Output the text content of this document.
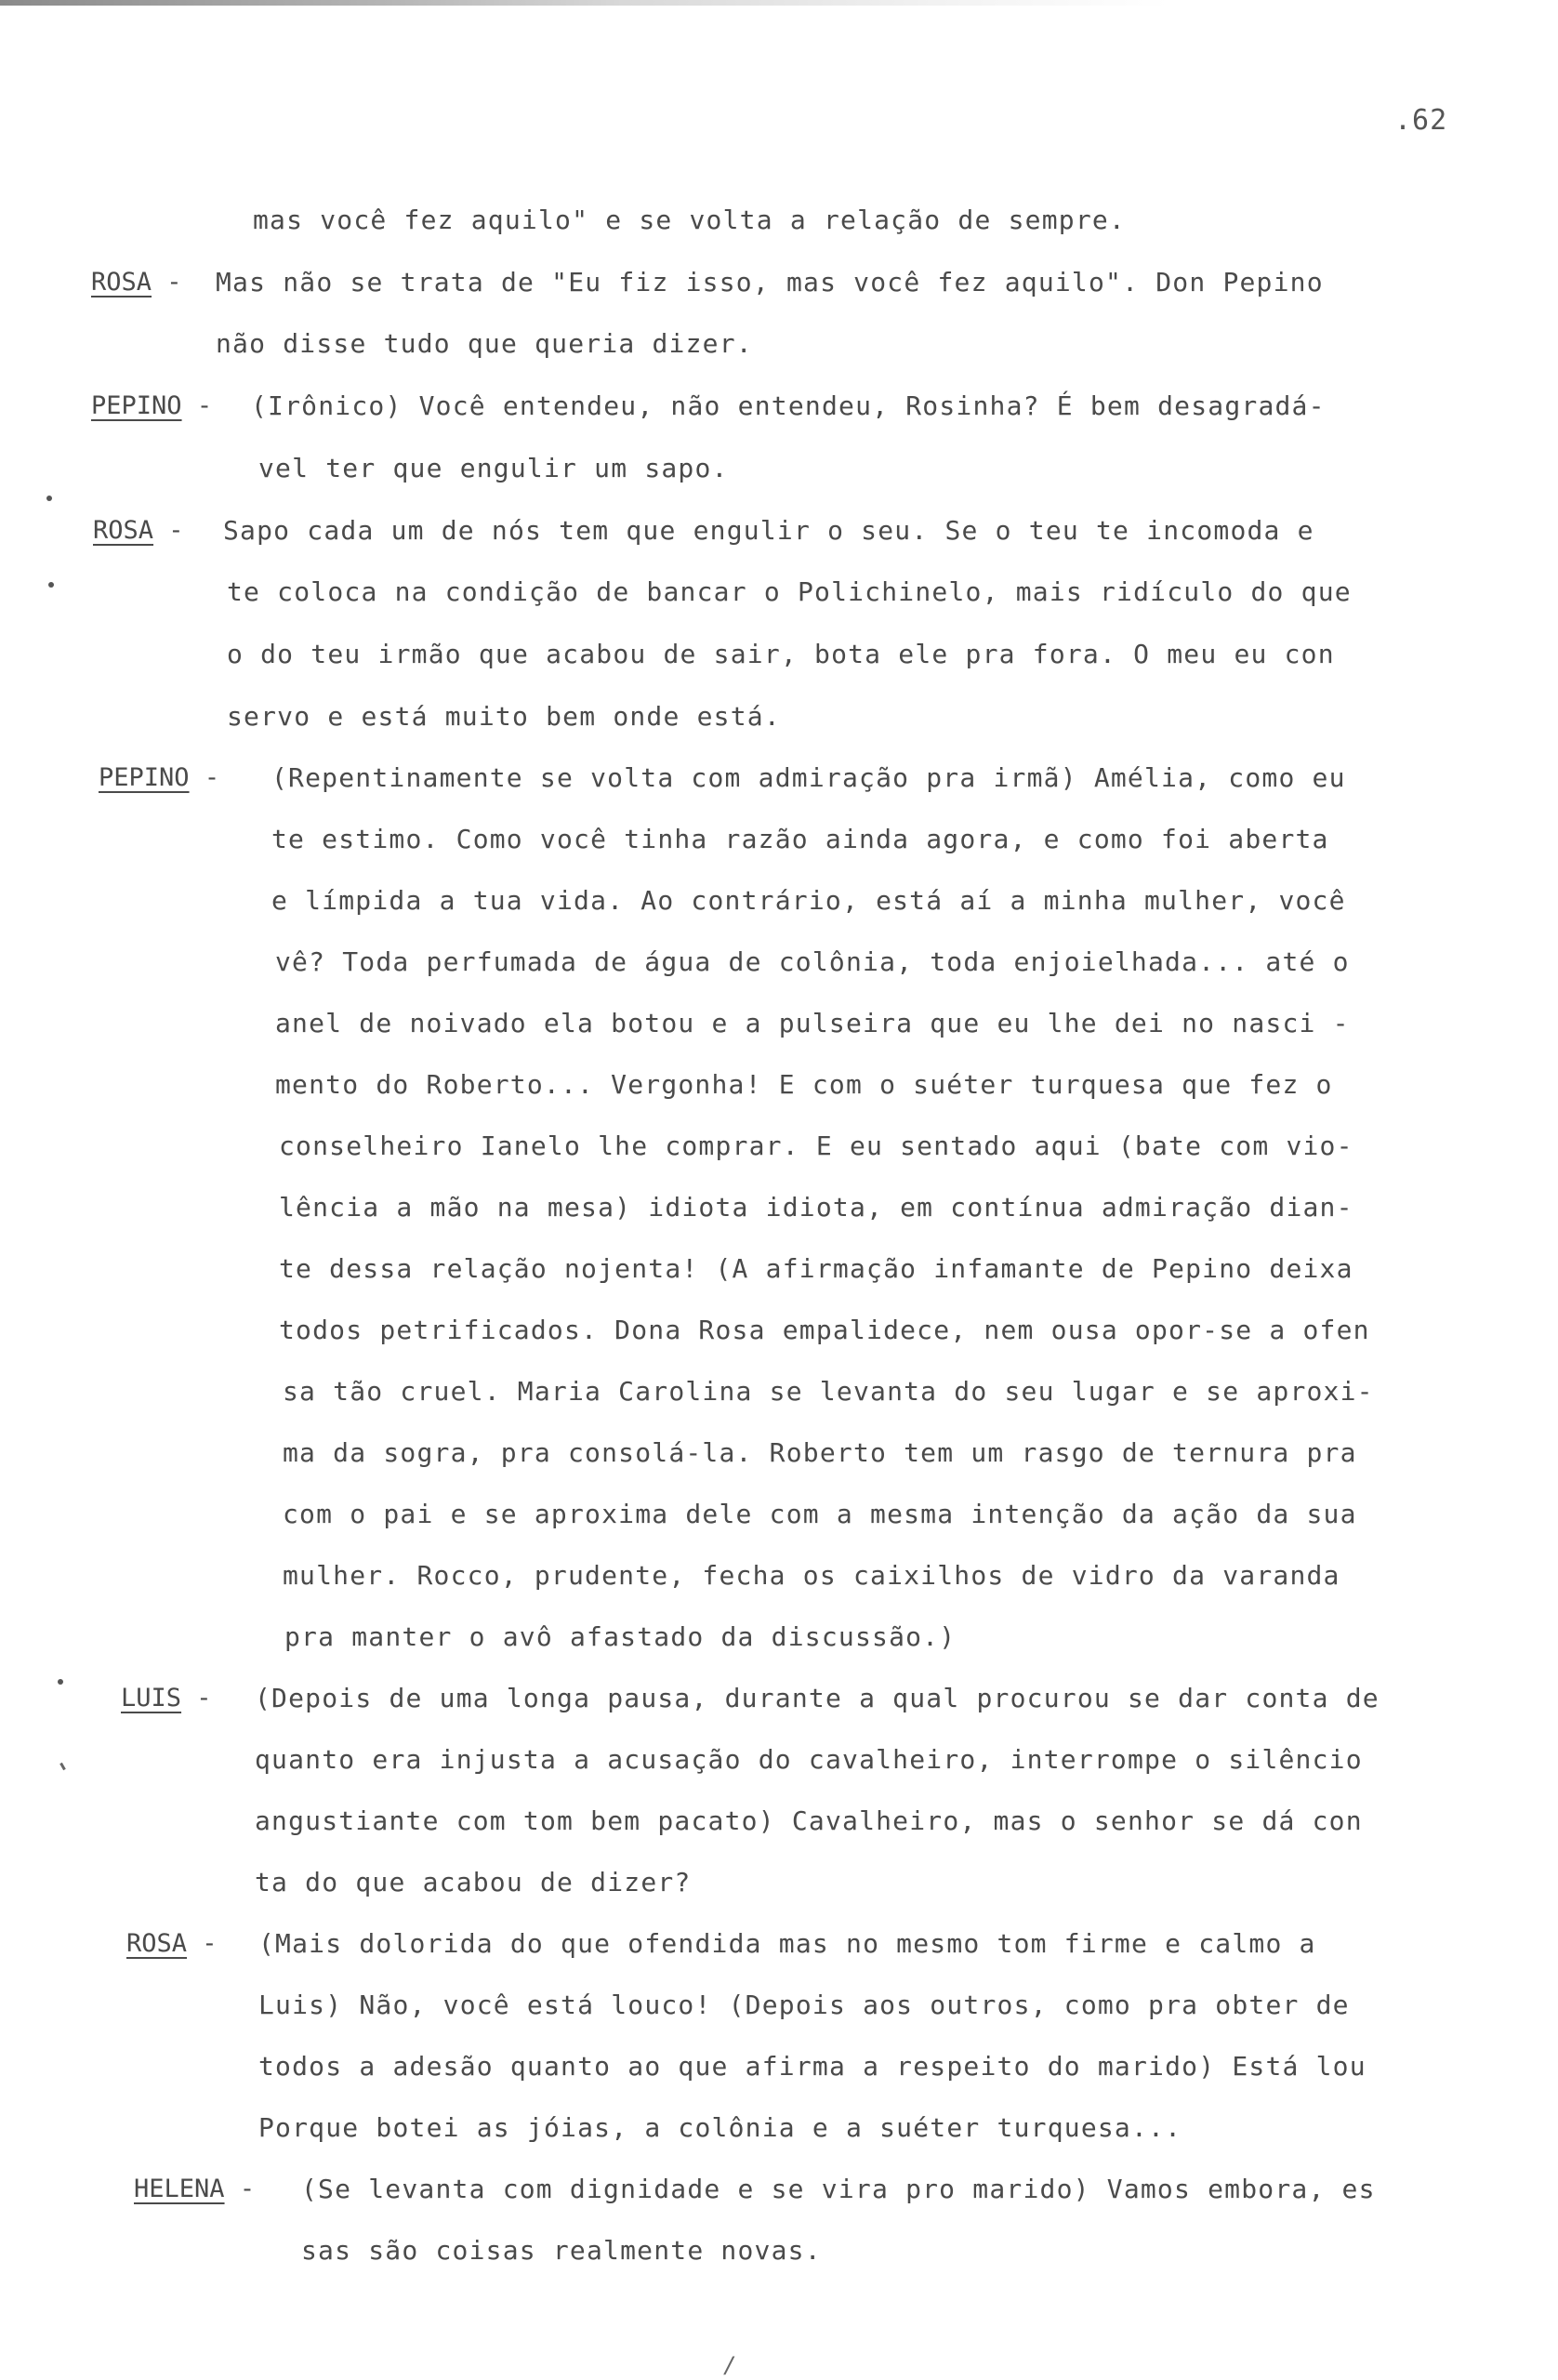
.62
mas você fez aquilo" e se volta a relação de sempre.
ROSA - Mas não se trata de "Eu fiz isso, mas você fez aquilo". Don Pepino
não disse tudo que queria dizer.
PEPINO - (Irônico) Você entendeu, não entendeu, Rosinha? É bem desagradá-
vel ter que engulir um sapo.
ROSA - Sapo cada um de nós tem que engulir o seu. Se o teu te incomoda e
te coloca na condição de bancar o Polichinelo, mais ridículo do que
o do teu irmão que acabou de sair, bota ele pra fora. O meu eu con
servo e está muito bem onde está.
PEPINO - (Repentinamente se volta com admiração pra irmã) Amélia, como eu
te estimo. Como você tinha razão ainda agora, e como foi aberta
e límpida a tua vida. Ao contrário, está aí a minha mulher, você
vê? Toda perfumada de água de colônia, toda enjoielhada... até o
anel de noivado ela botou e a pulseira que eu lhe dei no nasci -
mento do Roberto... Vergonha! E com o suéter turquesa que fez o
conselheiro Ianelo lhe comprar. E eu sentado aqui (bate com vio-
lência a mão na mesa) idiota idiota, em contínua admiração dian-
te dessa relação nojenta! (A afirmação infamante de Pepino deixa
todos petrificados. Dona Rosa empalidece, nem ousa opor-se a ofen
sa tão cruel. Maria Carolina se levanta do seu lugar e se aproxi-
ma da sogra, pra consolá-la. Roberto tem um rasgo de ternura pra
com o pai e se aproxima dele com a mesma intenção da ação da sua
mulher. Rocco, prudente, fecha os caixilhos de vidro da varanda
pra manter o avô afastado da discussão.)
LUIS - (Depois de uma longa pausa, durante a qual procurou se dar conta de
quanto era injusta a acusação do cavalheiro, interrompe o silêncio
angustiante com tom bem pacato) Cavalheiro, mas o senhor se dá con
ta do que acabou de dizer?
ROSA - (Mais dolorida do que ofendida mas no mesmo tom firme e calmo a
Luis) Não, você está louco! (Depois aos outros, como pra obter de
todos a adesão quanto ao que afirma a respeito do marido) Está lou
Porque botei as jóias, a colônia e a suéter turquesa...
HELENA - (Se levanta com dignidade e se vira pro marido) Vamos embora, es
sas são coisas realmente novas.
/
